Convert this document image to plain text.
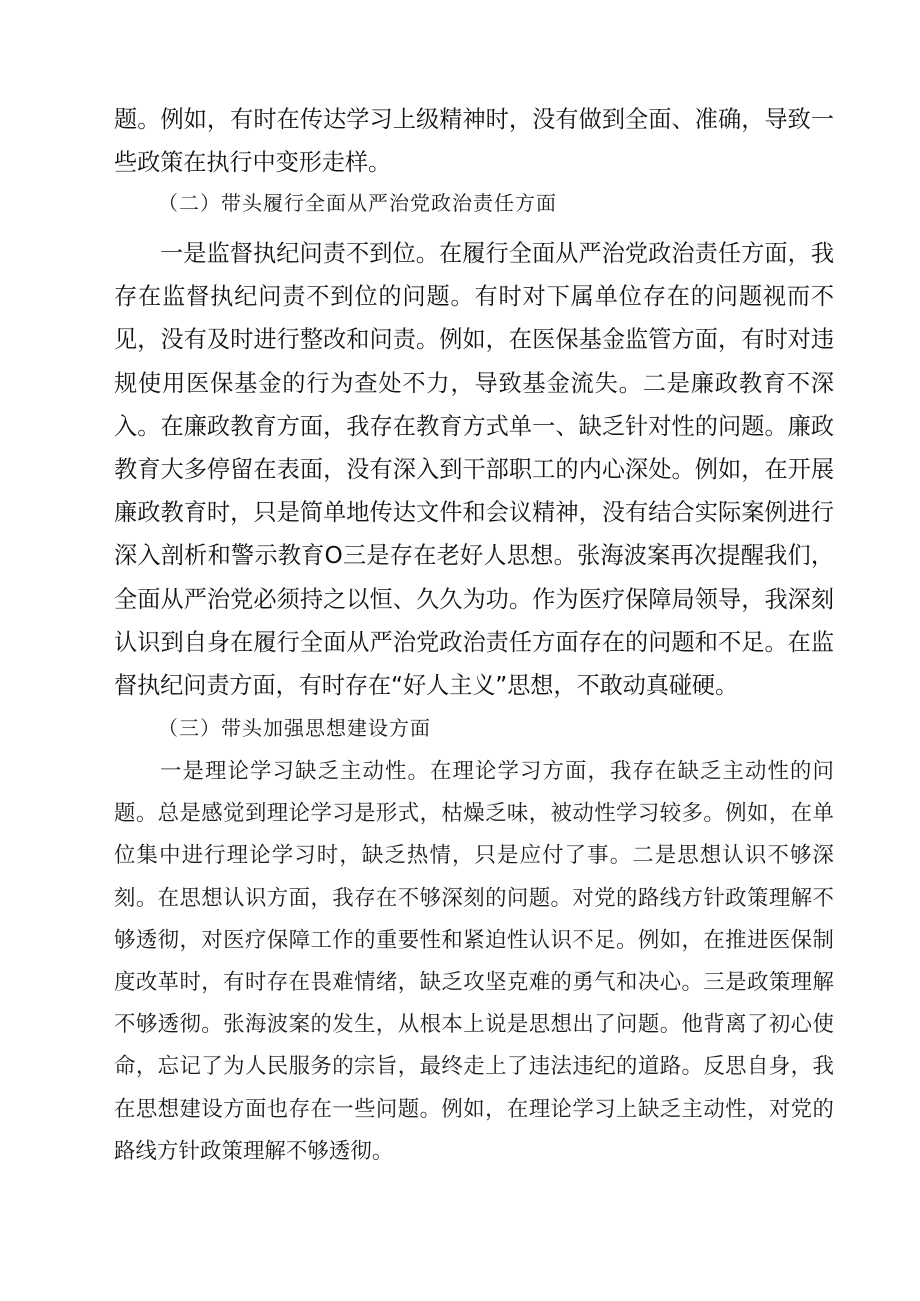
题。例如，有时在传达学习上级精神时，没有做到全面、准确，导致一些政策在执行中变形走样。

（二）带头履行全面从严治党政治责任方面

一是监督执纪问责不到位。在履行全面从严治党政治责任方面，我存在监督执纪问责不到位的问题。有时对下属单位存在的问题视而不见，没有及时进行整改和问责。例如，在医保基金监管方面，有时对违规使用医保基金的行为查处不力，导致基金流失。二是廉政教育不深入。在廉政教育方面，我存在教育方式单一、缺乏针对性的问题。廉政教育大多停留在表面，没有深入到干部职工的内心深处。例如，在开展廉政教育时，只是简单地传达文件和会议精神，没有结合实际案例进行深入剖析和警示教育O三是存在老好人思想。张海波案再次提醒我们，全面从严治党必须持之以恒、久久为功。作为医疗保障局领导，我深刻认识到自身在履行全面从严治党政治责任方面存在的问题和不足。在监督执纪问责方面，有时存在“好人主义”思想，不敢动真碰硬。

（三）带头加强思想建设方面

一是理论学习缺乏主动性。在理论学习方面，我存在缺乏主动性的问题。总是感觉到理论学习是形式，枯燥乏味，被动性学习较多。例如，在单位集中进行理论学习时，缺乏热情，只是应付了事。二是思想认识不够深刻。在思想认识方面，我存在不够深刻的问题。对党的路线方针政策理解不够透彻，对医疗保障工作的重要性和紧迫性认识不足。例如，在推进医保制度改革时，有时存在畏难情绪，缺乏攻坚克难的勇气和决心。三是政策理解不够透彻。张海波案的发生，从根本上说是思想出了问题。他背离了初心使命，忘记了为人民服务的宗旨，最终走上了违法违纪的道路。反思自身，我在思想建设方面也存在一些问题。例如，在理论学习上缺乏主动性，对党的路线方针政策理解不够透彻。
